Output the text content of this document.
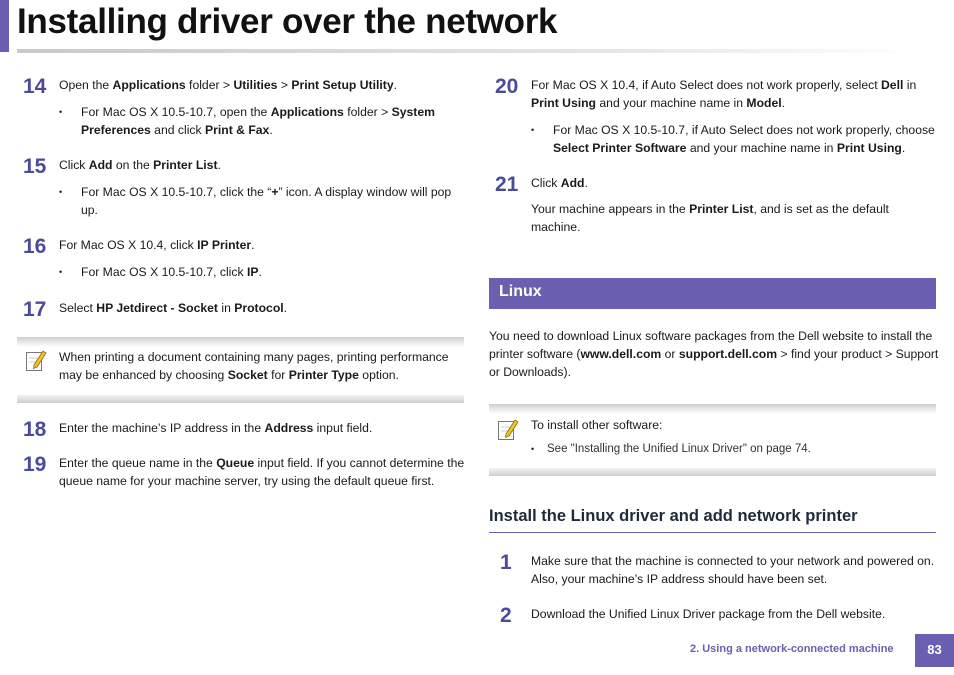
Installing driver over the network
14 Open the Applications folder > Utilities > Print Setup Utility.
• For Mac OS X 10.5-10.7, open the Applications folder > System Preferences and click Print & Fax.
15 Click Add on the Printer List.
• For Mac OS X 10.5-10.7, click the “+” icon. A display window will pop up.
16 For Mac OS X 10.4, click IP Printer.
• For Mac OS X 10.5-10.7, click IP.
17 Select HP Jetdirect - Socket in Protocol.
When printing a document containing many pages, printing performance may be enhanced by choosing Socket for Printer Type option.
18 Enter the machine’s IP address in the Address input field.
19 Enter the queue name in the Queue input field. If you cannot determine the queue name for your machine server, try using the default queue first.
20 For Mac OS X 10.4, if Auto Select does not work properly, select Dell in Print Using and your machine name in Model.
• For Mac OS X 10.5-10.7, if Auto Select does not work properly, choose Select Printer Software and your machine name in Print Using.
21 Click Add.
Your machine appears in the Printer List, and is set as the default machine.
Linux
You need to download Linux software packages from the Dell website to install the printer software (www.dell.com or support.dell.com > find your product > Support or Downloads).
To install other software:
• See "Installing the Unified Linux Driver" on page 74.
Install the Linux driver and add network printer
1 Make sure that the machine is connected to your network and powered on. Also, your machine’s IP address should have been set.
2 Download the Unified Linux Driver package from the Dell website.
2. Using a network-connected machine	83
